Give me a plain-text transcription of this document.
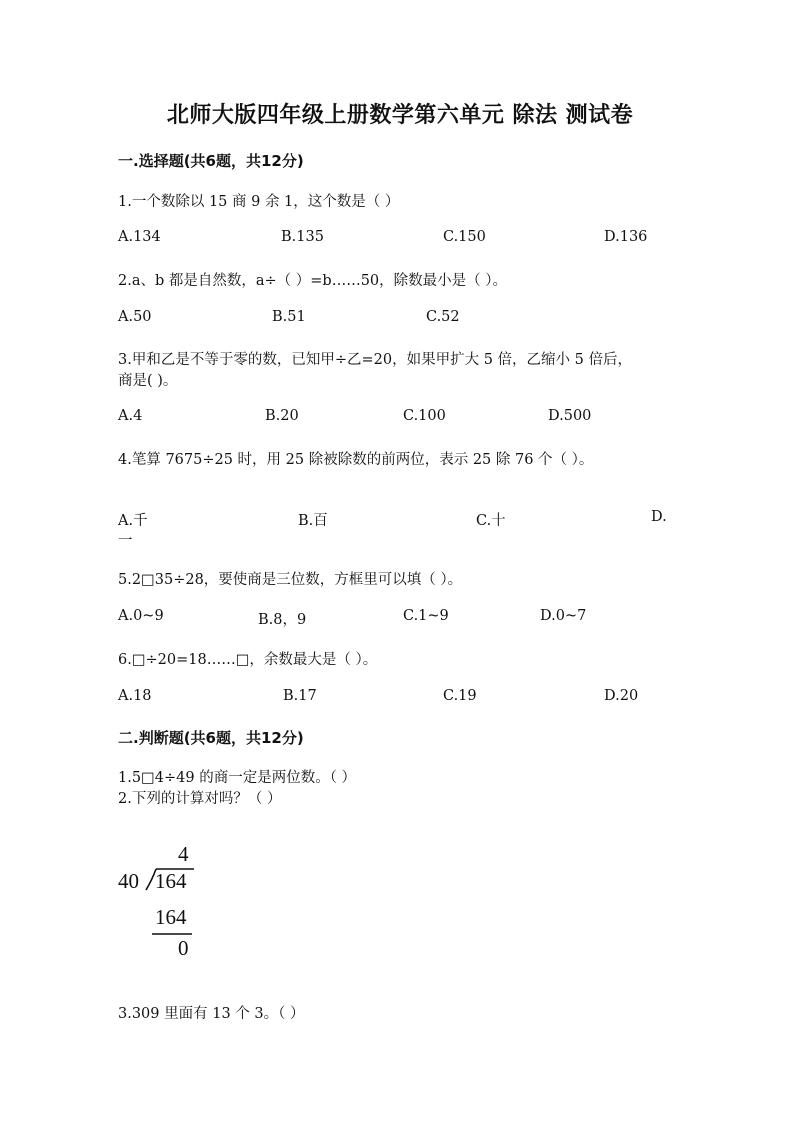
北师大版四年级上册数学第六单元 除法 测试卷
一.选择题(共6题，共12分)
1.一个数除以 15 商 9 余 1，这个数是（ ）
A.134	B.135	C.150	D.136
2.a、b 都是自然数，a÷（ ）=b……50，除数最小是（ ）。
A.50	B.51	C.52
3.甲和乙是不等于零的数，已知甲÷乙=20，如果甲扩大 5 倍，乙缩小 5 倍后，
商是( )。
A.4	B.20	C.100	D.500
4.笔算 7675÷25 时，用 25 除被除数的前两位，表示 25 除 76 个（ ）。
A.千	B.百	C.十	D.
一
5.2□35÷28，要使商是三位数，方框里可以填（ ）。
A.0~9	B.8，9	C.1~9	D.0~7
6.□÷20=18……□，余数最大是（ ）。
A.18	B.17	C.19	D.20
二.判断题(共6题，共12分)
1.5□4÷49 的商一定是两位数。（ ）
2.下列的计算对吗？（ ）
4
40 164
164
0
3.309 里面有 13 个 3。（ ）
